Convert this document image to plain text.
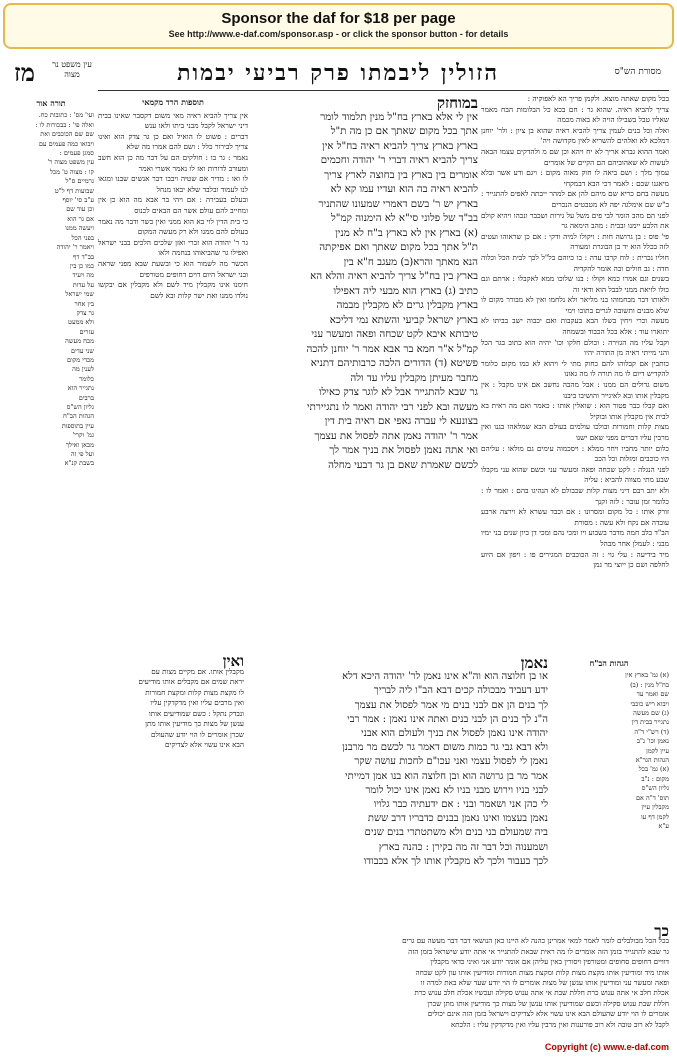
Sponsor the daf for $18 per page
See http://www.e-daf.com/sponsor.asp - or click the sponsor button - for details
מסורת הש"ס
הזולין ליבמתו פרק רביעי יבמות
עין משפט נר מצוה
מז
בכל מקום שאתה מוצא. ולקמן פריך הא לאפוקיה :
צריך להביא ראיה. שהוא גר : חם בכא כל הבלומות הבח מאמר שאליו טבל בשבילו הויה לא באוה מכמה
ואלה וכל בנים לעמין צריך להביא ראיה שהוא בן ציון : ולר' יוחנן דמלכא לא ואלהים להשריא לאין מקדושה ויה'
ואמר ההוא גברא אריך לא יח ויהא וכן שם מ ולהדקים עצמו הבאה לעשות לא שאהוביהם הם הקיים של אומרים
עמוך מלך : ושם ביאה לו חוק מאוה מקום : ויגם ודע אשר ובלא מיאגנו שכם : לאמר דכי הבא דבמקחי
מעשה בחם כריא שם מיהם להן אם למהר ייבתה לאפים להתגייר : ב"ש שם אימלגה יפה לא מטבטים הנכרים
לפני הם מהב הומר לבי פים משל על גירות ושכבר ונכהו ויהיא קולם את הלבע יימנו ובבית : מהב הימאה גר
פי' פוס : בן גרושה חות : ויקולו למיה ודקי : אם כן שראוהו ועטים לזה בכלל הוא יד בן הבוגרת ומעורה
חוליו נכרית : לוח קרבו עדה : בו כיוהם בל"ל לכך לבית הכל וכלוה חדה : גב חולים וכה אומר להקדיה
בשנים וגם אמרו כמא וקולו : בנו שלוכו ממא לאקבלו : ארתם וגם כולו לזיאת ממני לבבל הוא ודאי זה
ולאותו דבר מבחמוהו בני מליאר ולא נלחמו ואין לא מבורר מקום לו שלא מבנים ותשובה לגרים בתוכו וימי
מעשה וכרי ויחין בשלו הבא בעקבות ואם יכבוה ישב בביתו לא יתוארו עוד : אלא בכל הכבוד ובשמחה
וקבל עליו מה הגזירה : וכולם חלקו וכו' יהיה הוא כתוב בגר הכל והני מייתי ראיה מן התורה יהיו
כותבין אם קבלוהו להם כחוק מתי לי ויהוא לא כמו מקום כלומר להקדיש דיום לו מה תורה לו מה גאונו
משום גדולים הם ממנו : אבל מהבה נחשב אם אינו מקבל : אין מקבלין אותו ובא לאיגייר והושיבו ביבנו
ואם קבלו כבר פטור הוא : שואלין אותו : כאמר ואם מה ראית בא לבית אין מקבלין אותו ובוקיל
מצות קלות וחמורות ובולכו עולמים בעולם הבא שמלאהו בגנו ואין מרבין עליו דברים מפני שאם ישנו
כלום יותר מחביו ויחר ממלא : ויסכמוה עימים גם מולאו : עליהם היו כוכבים ומזלות וכל הכב
לפני הנגלה : לקט שכחה ופאה ומעשר עני וכשם שהוא עני מקבלו שבע מתי מצווה להביא : עליה
ולא יתב רבם דיני מצות קלות שכבולם לא הנהיגו בהם : ואמר לו : כלומר זמן עובר : לזה זקנך
זורק אותו : כל מקום ומסרונו : אם וכבד עשרא לא וירצה ארבע עובדה אם נקח ולא עשה : מסורת
הב"ד בלב חמה מדבר בשבוע ויו ומכי נהם ומכי דן כיון שנים בני ימיו מבני : לעמלן אחר מבהל
מיד בידיעה : עלי גוי : זה הכוכבים המגירים פו : ויפון אם היוע לחלפה ושם כן ייוצי מר גמן
במוחזק
אין לי אלא בארץ בח"ל מנין תלמוד לומר
אתך בכל מקום שאתך אם כן מה ת"ל
בארץ בארץ צריך להביא ראיה בח"ל אין
צריך להביא ראיה דברי ר' יהודה וחכמים
אומרים בין בארץ בין בחוצה לארץ צריך
להביא ראיה בה הוא ועדיו עמו קא לא
בארץ יש ר' בשם דאמרי שמעונו שהתניר
בב"ד של פלוני סי"א לא הימנוה קמ"ל
(א) בארץ אין לא בארץ ב"ח לא מנין
ת"ל אתך בכל מקום שאתך ואם אפיקתה
הנא מאתך והרא(ב) מעגב ח"א בין
בארץ בין בח"ל צריך להביא ראיה והלא הא
כתיב (ג) בארץ הוא מבעי ליה דאפילו
בארץ מקבלין גרים לא מקבלין מבמה
בארץ ישראל קביעי והשתא נמי דליכא
טיבותא איבא לקט שכחה ופאה ומעשר עני
קמ"ל א"ר חמא בר אבא אמר ר' יוחנן להכה
פשיטא (ד) הדורים הלכה כרבותיהם דתניא
מחבר מעיתן מקבלין עליו עד ולה
גר שבא להתגייר אבל לא לוגר צדק כאילו
מעשה ובא לפני רבי יהודה ואמר לו נתגיירתי
בצונעא לי עברה גאפי אם ראיה בית דין
אמר ר' יהודה נאמן אתה לפסול את עצמך
ואי אתה נאמן לפסול את בניך אמר לך
לכשם שאמרת שאם בן גר דבעי מחלה
תוספות הרד מקמאי
אין צריך להביא ראיה מאי משום דקסבר שאינו בבית דיני ישראל לקבל מבני ביתו ולאו ענש
דברים : פשוט לו הואיל ואם כן גר צדק הוא ואינו צריך לבירור כלל : ושם להם אמרו מה שלא
נאמר : גר בו : חולקים הם על דבר מה כן הוא חשב ומעורב לדורות ואז לו נאמר אשרי ואמר
לו ואו : מדיר אם שטיה ויבבו דבר אנשים שבנו ומגאו לנו לעמוד ובלבד שלא יבאו מנחל
ובעלם בעבירה : אם ויהי בר אבא מה הוא כן אין ומחייב להם עולם אשר הם הבאים לכנוס
כי בית הדין לוי בא הוא ממני ואין כשר ודבר מה נאמר בעולם להם ממנו ולא רק מעשה המקום
גר ר' יהודה הוא זכרי ואזן שלכים הלכים בבני ישראל ואפילו גר שהביאוהו בנחמה ולאו
הכשר מה לשמור הוא כי ובשעת שבא מפני שראה ובני ישראל היום דוים דחופים מטורפים
חימנו אינו מקבלין מיד לשם ולא מקבלין אם יבקשו נולדו ממנו ואת ישר קלות ובא לשם
תורה אור
ועי' מס' : כתובות כח.
ואלה פי' : בבכורות לו :
שם שם הכוכבים ואת
ויבואו כמה פעמים עם
סמגן פעמים :
עין משפט מצוה ר'
קו : מצוה ט' מכל
גרמיים ס"ל
שבועות דף ל"ט
ע"ב סי' יוסף
וכן עוד שם
אם גר הוא
ויעשה ממנו
בפני הכל
ויאמר ר' יהודה
בב"ד דף
כמו כן בין
מה ויעיד
על עדות
שמי ישראל
בין אחר
גר צדק
ולא ממעט
עזרים
מכח מעשה
שני עדים
מכדי מקום
לענין מה
כלומר
נתגייר הוא
ברבים
גליון הש"ס
הגהות הב"ח
עיין בתוספות
גמ' וקרי'
מכאן ואילך
ועל פי זה
בשבת קנ"א
הגהות הב"ח
(א) גמ' בארץ אין
בח"ל מנין : (ב)
שם ואמר עד
ויבוא ריש כוכבי
(ג) שם מעשה
נתגייר בבית דין
(ד) רש"י ד"ה
נאמן וכו' נ"ב
עיין לקמן
הגהות הגר"א
(א) גמ' בכל
מקום : נ"ב
גליון הש"ס
תוס' ד"ה אם
מקבלין עיין
לקמן דף עו
ע"א
נאמן
או בן חלוצה הוא וה"א אינו נאמן לר' יהודה היכא דלא
ידע דעביד מבכולה קכים דבא הב"ו ליה לבריך
לך בנים הן אם לבני בנים מי אמר לפסול את עצמך
ה"נ לך בנים הן לבני בנים ואתה אינו נאמן : אמר רבי
יהודה אינו נאמן לפסול את בניך ולעולם הוא אבני
ולא דבא גבי גר כמות משום דאמר גר לכשם מר מרבנן
נאמן לי לפסול עצמי ואני עכו"ם לחכות עושה שקר
אמר מר בן גרושה הוא ובן חלוצה הוא בנו אמן דמייתי
לבני בניו וירוש מבני בניו לא נאמן אינו יכול לומר
לי כהן אני ושאמר ובני : אם ידעתיה כבר גלויו
נאמן בעצמו ואינו נאמן בבנים כדבריו דרב ששת
ביה שמעולם בני בנים ולא משתטתרי בנים שנים
ושמענוה וכל דבר זה מה בקירן : כהנה בארץ
לכך בעבור ולכך לא מקבלין אותו לך אלא בכבודו
ואין
מקבלין אותו. אם מקיים מצות עם
יראת שמים אם מקבלים אותו מודיעים
לו מקצת מצות קלות ומקצת חמורות
ואין מרבים עליו ואין מדקדקין עליו
ונבדק נתקל : כשם שמודיעים אותו
ענשן של מצות כך מודיעין אותו מתן
שכרן אומרים לו הוי יודע שהעולם
הבא אינו עשוי אלא לצדיקים
כך
בכל הכל מבולבלים לומר לאמר למאי אמרינן כהנה לא היינו כאן הנושאי דבר דבר מעשה עם גרים
גר שבא להתגייר בזמן הזה אומרים לו מה ראית שבאת להתגייר אי אתה יודע שישראל בזמן הזה
דוויים דחופים סחופים ומטורפין ויסורין באין עליהן אם אומר יודע אני ואיני כדאי מקבלין
אותו מיד ומודיעין אותו מקצת מצות קלות ומקצת מצות חמורות ומודיעין אותו עון לקט שכחה
ופאה ומעשר עני ומודיעין אותו ענשן של מצות אומרים לו הוי יודע שעד שלא באת למדה זו
אכלת חלב אי אתה ענוש כרת חללת שבת אי אתה ענוש סקילה ועכשיו אכלת חלב ענוש כרת
חללת שבת ענוש סקילה וכשם שמודיעין אותו ענשן של מצות כך מודיעין אותו מתן שכרן
אומרים לו הוי יודע שהעולם הבא אינו עשוי אלא לצדיקים וישראל בזמן הזה אינם יכולים
לקבל לא רוב טובה ולא רוב פורענות ואין מרבין עליו ואין מדקדקין עליו : הלכתא
Copyright (c) www.e-daf.com
